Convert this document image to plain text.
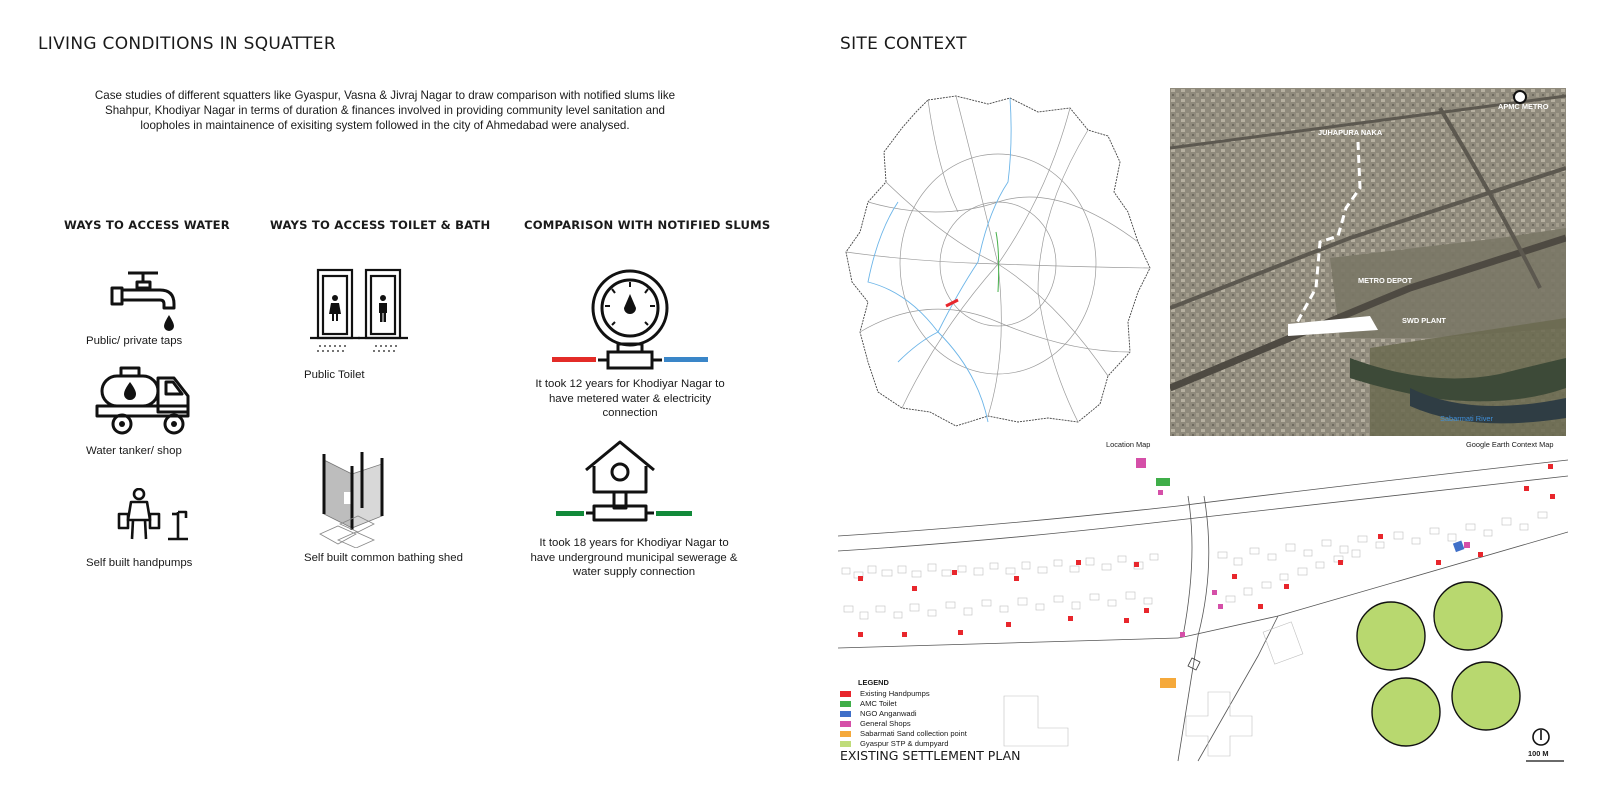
LIVING CONDITIONS IN SQUATTER
Case studies of different squatters like Gyaspur, Vasna & Jivraj Nagar to draw comparison with notified slums like
Shahpur, Khodiyar Nagar in terms of duration & finances involved in providing community level sanitation and
loopholes in maintainence of exisiting system followed in the city of Ahmedabad were analysed.
WAYS TO ACCESS WATER	WAYS TO ACCESS TOILET & BATH	COMPARISON WITH NOTIFIED SLUMS
Public/ private taps
Water tanker/ shop
Self built handpumps
Public Toilet
Self built common bathing shed
It took 12 years for Khodiyar Nagar to have metered water & electricity connection
It took 18 years for Khodiyar Nagar to have underground municipal sewerage & water supply connection
SITE CONTEXT
Location Map
APMC METRO
JUHAPURA NAKA
METRO DEPOT
SWD PLANT
Sabarmati River
Google Earth Context Map
100 M
LEGEND
Existing Handpumps
AMC Toilet
NGO Anganwadi
General Shops
Sabarmati Sand collection point
Gyaspur STP & dumpyard
EXISTING SETTLEMENT PLAN
